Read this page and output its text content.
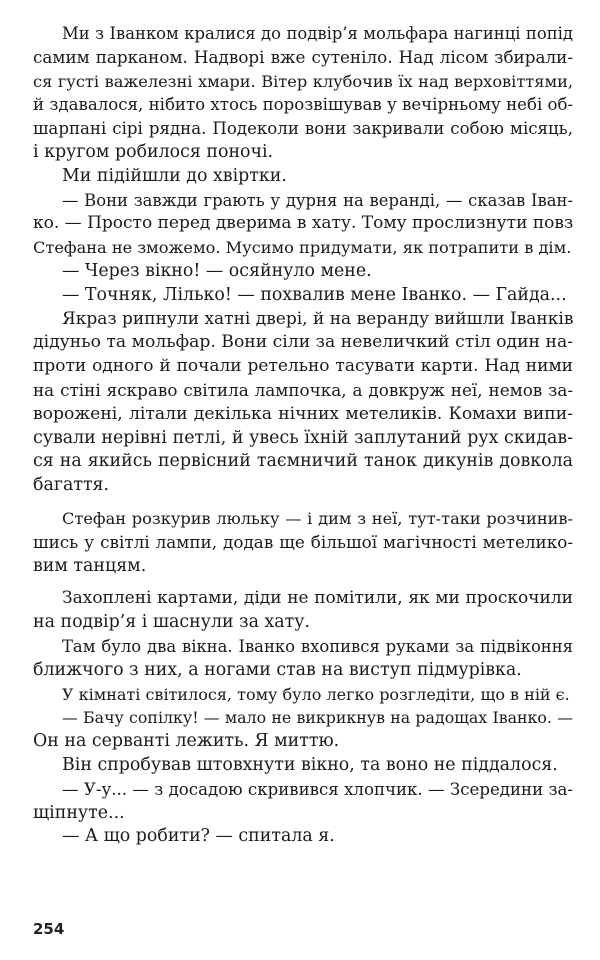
Ми з Іванком кралися до подвір’я мольфара нагинці попід
самим парканом. Надворі вже сутеніло. Над лісом збирали-
ся густі важелезні хмари. Вітер клубочив їх над верховіттями,
й здавалося, нібито хтось порозвішував у вечірньому небі об-
шарпані сірі рядна. Подеколи вони закривали собою місяць,
і кругом робилося поночі.
Ми підійшли до хвіртки.
— Вони завжди грають у дурня на веранді, — сказав Іван-
ко. — Просто перед дверима в хату. Тому прослизнути повз
Стефана не зможемо. Мусимо придумати, як потрапити в дім.
— Через вікно! — осяйнуло мене.
— Точняк, Лілько! — похвалив мене Іванко. — Гайда...
Якраз рипнули хатні двері, й на веранду вийшли Іванків
дідуньо та мольфар. Вони сіли за невеличкий стіл один на-
проти одного й почали ретельно тасувати карти. Над ними
на стіні яскраво світила лампочка, а довкруж неї, немов за-
ворожені, літали декілька нічних метеликів. Комахи випи-
сували нерівні петлі, й увесь їхній заплутаний рух скидав-
ся на якийсь первісний таємничий танок дикунів довкола
багаття.
Стефан розкурив люльку — і дим з неї, тут-таки розчинив-
шись у світлі лампи, додав ще більшої магічності метелико-
вим танцям.
Захоплені картами, діди не помітили, як ми проскочили
на подвір’я і шаснули за хату.
Там було два вікна. Іванко вхопився руками за підвіконня
ближчого з них, а ногами став на виступ підмурівка.
У кімнаті світилося, тому було легко розгледіти, що в ній є.
— Бачу сопілку! — мало не викрикнув на радощах Іванко. —
Он на серванті лежить. Я миттю.
Він спробував штовхнути вікно, та воно не піддалося.
— У-у... — з досадою скривився хлопчик. — Зсередини за-
щіпнуте...
— А що робити? — спитала я.
254
